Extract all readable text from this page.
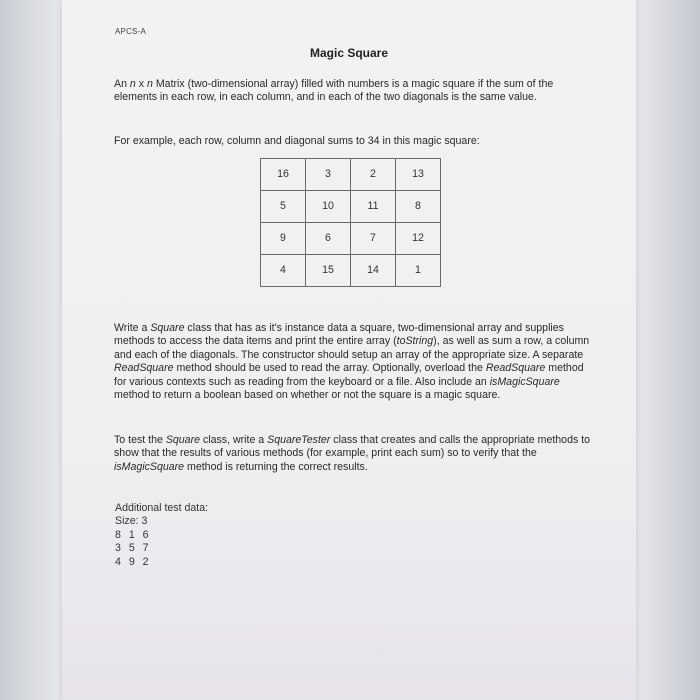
APCS-A
Magic Square
An n x n Matrix (two-dimensional array) filled with numbers is a magic square if the sum of the elements in each row, in each column, and in each of the two diagonals is the same value.
For example, each row, column and diagonal sums to 34 in this magic square:
16	3	2	13
5	10	11	8
9	6	7	12
4	15	14	1
Write a Square class that has as it's instance data a square, two-dimensional array and supplies methods to access the data items and print the entire array (toString), as well as sum a row, a column and each of the diagonals. The constructor should setup an array of the appropriate size. A separate ReadSquare method should be used to read the array. Optionally, overload the ReadSquare method for various contexts such as reading from the keyboard or a file. Also include an isMagicSquare method to return a boolean based on whether or not the square is a magic square.
To test the Square class, write a SquareTester class that creates and calls the appropriate methods to show that the results of various methods (for example, print each sum) so to verify that the isMagicSquare method is returning the correct results.
Additional test data:
Size: 3
8 1 6
3 5 7
4 9 2
